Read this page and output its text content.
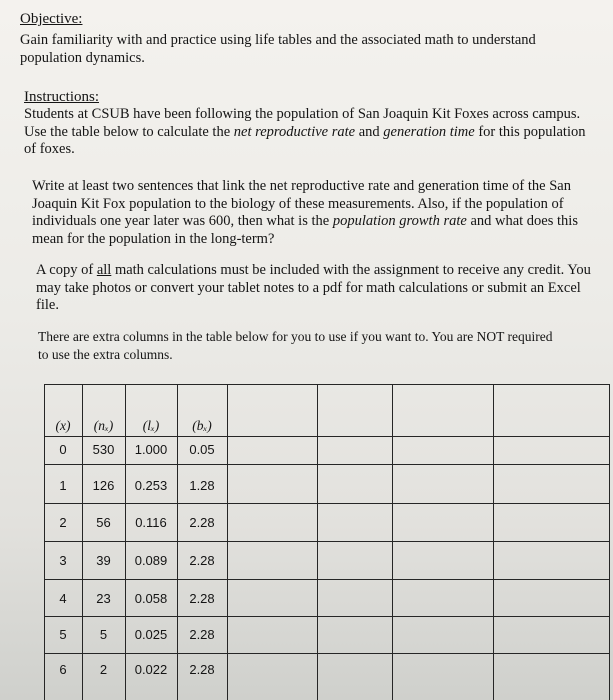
Objective:
Gain familiarity with and practice using life tables and the associated math to understand
population dynamics.
Instructions:
Students at CSUB have been following the population of San Joaquin Kit Foxes across campus.
Use the table below to calculate the net reproductive rate and generation time for this population
of foxes.
Write at least two sentences that link the net reproductive rate and generation time of the San
Joaquin Kit Fox population to the biology of these measurements. Also, if the population of
individuals one year later was 600, then what is the population growth rate and what does this
mean for the population in the long-term?
A copy of all math calculations must be included with the assignment to receive any credit. You
may take photos or convert your tablet notes to a pdf for math calculations or submit an Excel
file.
There are extra columns in the table below for you to use if you want to. You are NOT required
to use the extra columns.
(x)	(nₓ)	(lₓ)	(bₓ)
0	530	1.000	0.05
1	126	0.253	1.28
2	56	0.116	2.28
3	39	0.089	2.28
4	23	0.058	2.28
5	5	0.025	2.28
6	2	0.022	2.28
